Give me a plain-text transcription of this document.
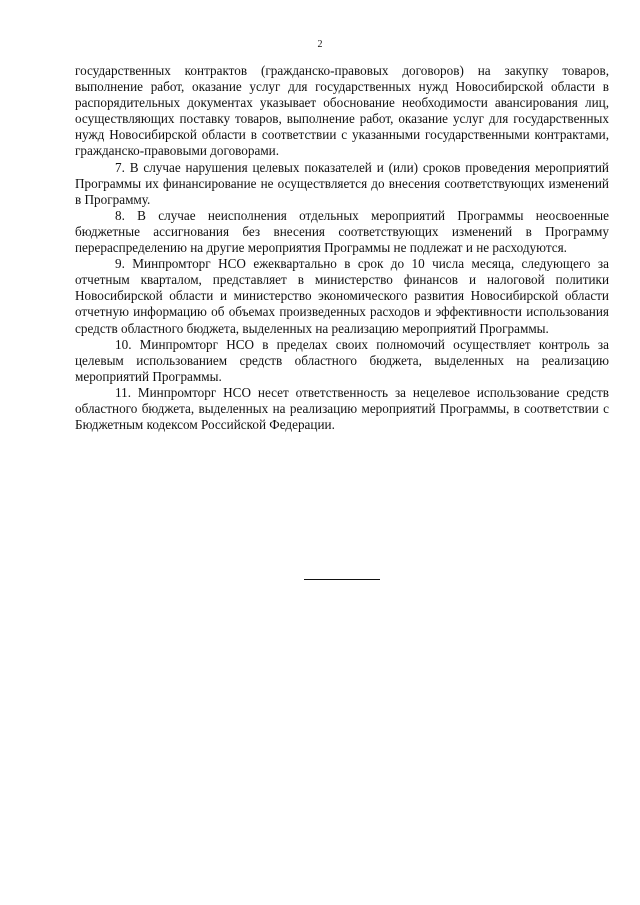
2

государственных контрактов (гражданско-правовых договоров) на закупку товаров, выполнение работ, оказание услуг для государственных нужд Новосибирской области в распорядительных документах указывает обоснование необходимости авансирования лиц, осуществляющих поставку товаров, выполнение работ, оказание услуг для государственных нужд Новосибирской области в соответствии с указанными государственными контрактами, гражданско-правовыми договорами.

7. В случае нарушения целевых показателей и (или) сроков проведения мероприятий Программы их финансирование не осуществляется до внесения соответствующих изменений в Программу.

8. В случае неисполнения отдельных мероприятий Программы неосвоенные бюджетные ассигнования без внесения соответствующих изменений в Программу перераспределению на другие мероприятия Программы не подлежат и не расходуются.

9. Минпромторг НСО ежеквартально в срок до 10 числа месяца, следующего за отчетным кварталом, представляет в министерство финансов и налоговой политики Новосибирской области и министерство экономического развития Новосибирской области отчетную информацию об объемах произведенных расходов и эффективности использования средств областного бюджета, выделенных на реализацию мероприятий Программы.

10. Минпромторг НСО в пределах своих полномочий осуществляет контроль за целевым использованием средств областного бюджета, выделенных на реализацию мероприятий Программы.

11. Минпромторг НСО несет ответственность за нецелевое использование средств областного бюджета, выделенных на реализацию мероприятий Программы, в соответствии с Бюджетным кодексом Российской Федерации.
